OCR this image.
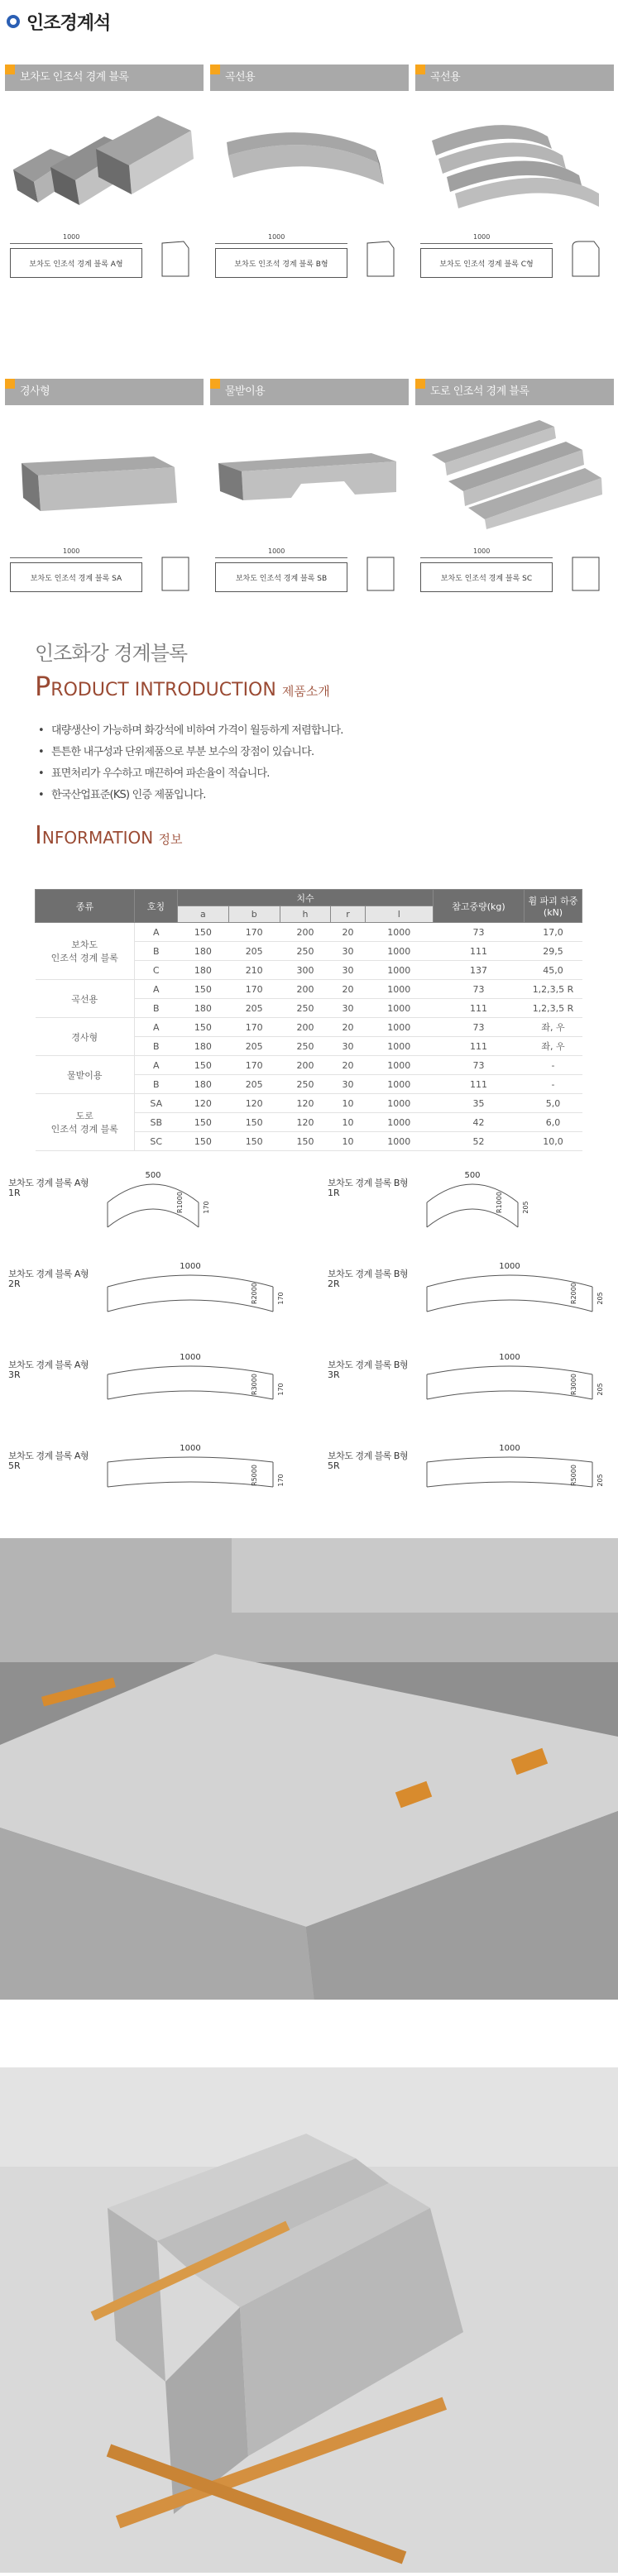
인조경계석
보차도 인조석 경계 블록
1000
보차도 인조석 경계 블록 A형
곡선용
1000
보차도 인조석 경계 블록 B형
곡선용
1000
보차도 인조석 경계 블록 C형
경사형
1000
보차도 인조석 경계 블록 SA
물받이용
1000
보차도 인조석 경계 블록 SB
도로 인조석 경계 블록
1000
보차도 인조석 경계 블록 SC
인조화강 경계블록
PRODUCT INTRODUCTION 제품소개
• 대량생산이 가능하며 화강석에 비하여 가격이 월등하게 저렴합니다.
• 튼튼한 내구성과 단위제품으로 부분 보수의 장점이 있습니다.
• 표면처리가 우수하고 매끈하여 파손율이 적습니다.
• 한국산업표준(KS) 인증 제품입니다.
INFORMATION 정보
종류	호칭	치수					참고중량(kg)	휨 파괴 하중(kN)
		a	b	h	r	l		
보차도
인조석 경계 블록	A	150	170	200	20	1000	73	17,0
	B	180	205	250	30	1000	111	29,5
	C	180	210	300	30	1000	137	45,0
곡선용	A	150	170	200	20	1000	73	1,2,3,5 R
	B	180	205	250	30	1000	111	1,2,3,5 R
경사형	A	150	170	200	20	1000	73	좌, 우
	B	180	205	250	30	1000	111	좌, 우
물받이용	A	150	170	200	20	1000	73	-
	B	180	205	250	30	1000	111	-
도로
인조석 경계 블록	SA	120	120	120	10	1000	35	5,0
	SB	150	150	120	10	1000	42	6,0
	SC	150	150	150	10	1000	52	10,0
보차도 경계 블록 A형
1R
500
R1000	170
보차도 경계 블록 B형
1R
500
R1000	205
보차도 경계 블록 A형
2R
1000
R2000	170
보차도 경계 블록 B형
2R
1000
R2000	205
보차도 경계 블록 A형
3R
1000
R3000	170
보차도 경계 블록 B형
3R
1000
R3000	205
보차도 경계 블록 A형
5R
1000
R5000	170
보차도 경계 블록 B형
5R
1000
R5000	205
